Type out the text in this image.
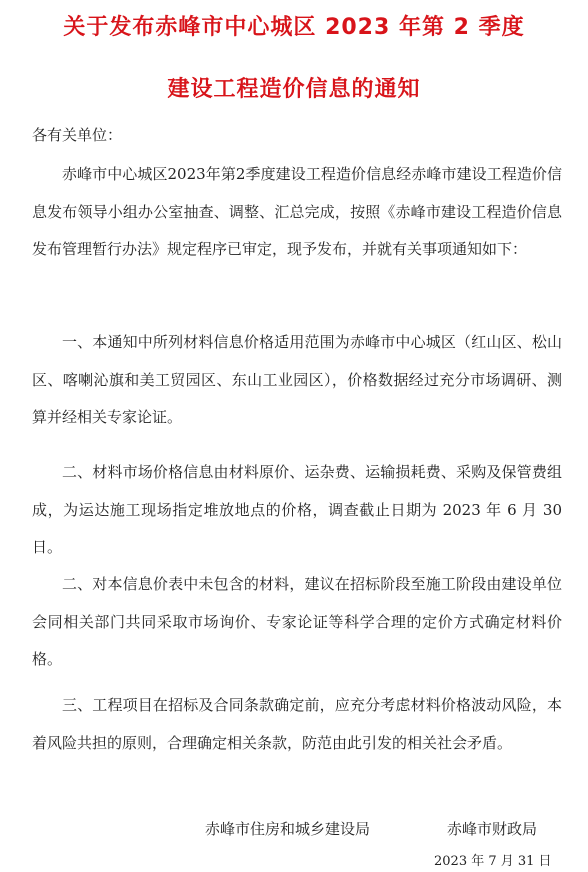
关于发布赤峰市中心城区 2023 年第 2 季度
建设工程造价信息的通知
各有关单位：

赤峰市中心城区2023年第2季度建设工程造价信息经赤峰市建设工程造价信息发布领导小组办公室抽查、调整、汇总完成，按照《赤峰市建设工程造价信息发布管理暂行办法》规定程序已审定，现予发布，并就有关事项通知如下：

一、本通知中所列材料信息价格适用范围为赤峰市中心城区（红山区、松山区、喀喇沁旗和美工贸园区、东山工业园区），价格数据经过充分市场调研、测算并经相关专家论证。

二、材料市场价格信息由材料原价、运杂费、运输损耗费、采购及保管费组成，为运达施工现场指定堆放地点的价格，调查截止日期为 2023 年 6 月 30 日。

二、对本信息价表中未包含的材料，建议在招标阶段至施工阶段由建设单位会同相关部门共同采取市场询价、专家论证等科学合理的定价方式确定材料价格。

三、工程项目在招标及合同条款确定前，应充分考虑材料价格波动风险，本着风险共担的原则，合理确定相关条款，防范由此引发的相关社会矛盾。

赤峰市住房和城乡建设局	赤峰市财政局
2023 年 7 月 31 日
